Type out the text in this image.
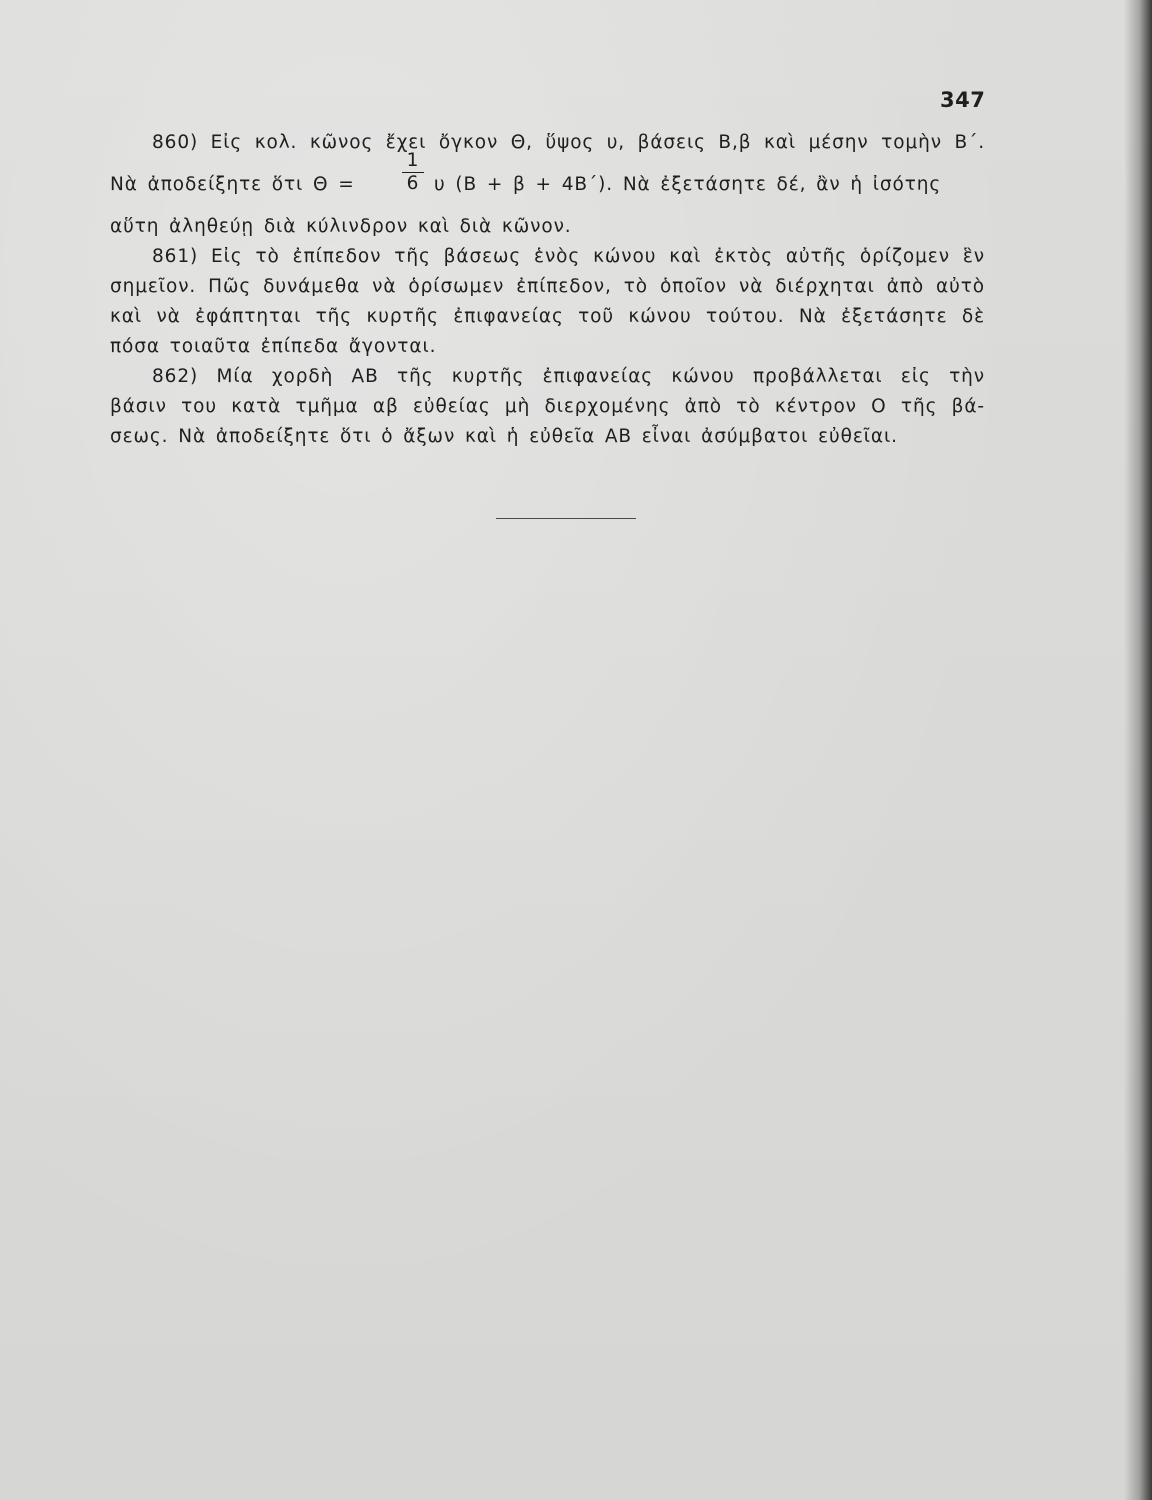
347
860) Εἰς κολ. κῶνος ἔχει ὄγκον Θ, ὕψος υ, βάσεις Β,β καὶ μέσην τομὴν Β΄.
Νὰ ἀποδείξητε ὅτι Θ =	$\frac{1}{6}$ υ (Β + β + 4Β΄). Νὰ ἐξετάσητε δέ, ἂν ἡ ἰσότης
αὕτη ἀληθεύῃ διὰ κύλινδρον καὶ διὰ κῶνον.
861) Εἰς τὸ ἐπίπεδον τῆς βάσεως ἑνὸς κώνου καὶ ἐκτὸς αὐτῆς ὁρίζομεν ἓν
σημεῖον. Πῶς δυνάμεθα νὰ ὁρίσωμεν ἐπίπεδον, τὸ ὁποῖον νὰ διέρχηται ἀπὸ αὐτὸ
καὶ νὰ ἐφάπτηται τῆς κυρτῆς ἐπιφανείας τοῦ κώνου τούτου. Νὰ ἐξετάσητε δὲ
πόσα τοιαῦτα ἐπίπεδα ἄγονται.
862) Μία χορδὴ ΑΒ τῆς κυρτῆς ἐπιφανείας κώνου προβάλλεται εἰς τὴν
βάσιν του κατὰ τμῆμα αβ εὐθείας μὴ διερχομένης ἀπὸ τὸ κέντρον Ο τῆς βά-
σεως. Νὰ ἀποδείξητε ὅτι ὁ ἄξων καὶ ἡ εὐθεῖα ΑΒ εἶναι ἀσύμβατοι εὐθεῖαι.
